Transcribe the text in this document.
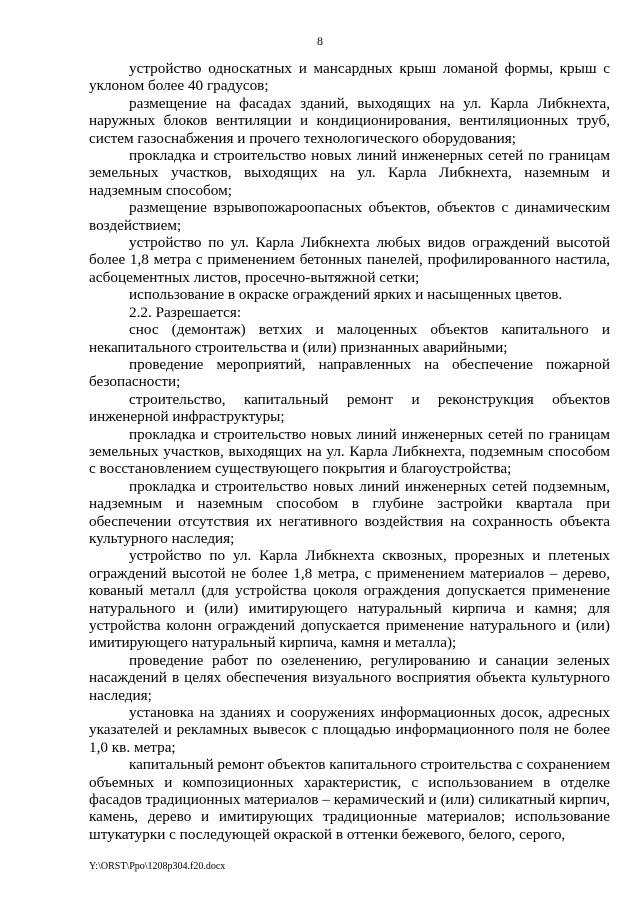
8

устройство односкатных и мансардных крыш ломаной формы, крыш с уклоном более 40 градусов;

размещение на фасадах зданий, выходящих на ул. Карла Либкнехта, наружных блоков вентиляции и кондиционирования, вентиляционных труб, систем газоснабжения и прочего технологического оборудования;

прокладка и строительство новых линий инженерных сетей по границам земельных участков, выходящих на ул. Карла Либкнехта, наземным и надземным способом;

размещение взрывопожароопасных объектов, объектов с динамическим воздействием;

устройство по ул. Карла Либкнехта любых видов ограждений высотой более 1,8 метра с применением бетонных панелей, профилированного настила, асбоцементных листов, просечно-вытяжной сетки;

использование в окраске ограждений ярких и насыщенных цветов.

2.2. Разрешается:

снос (демонтаж) ветхих и малоценных объектов капитального и некапитального строительства и (или) признанных аварийными;

проведение мероприятий, направленных на обеспечение пожарной безопасности;

строительство, капитальный ремонт и реконструкция объектов инженерной инфраструктуры;

прокладка и строительство новых линий инженерных сетей по границам земельных участков, выходящих на ул. Карла Либкнехта, подземным способом с восстановлением существующего покрытия и благоустройства;

прокладка и строительство новых линий инженерных сетей подземным, надземным и наземным способом в глубине застройки квартала при обеспечении отсутствия их негативного воздействия на сохранность объекта культурного наследия;

устройство по ул. Карла Либкнехта сквозных, прорезных и плетеных ограждений высотой не более 1,8 метра, с применением материалов – дерево, кованый металл (для устройства цоколя ограждения допускается применение натурального и (или) имитирующего натуральный кирпича и камня; для устройства колонн ограждений допускается применение натурального и (или) имитирующего натуральный кирпича, камня и металла);

проведение работ по озеленению, регулированию и санации зеленых насаждений в целях обеспечения визуального восприятия объекта культурного наследия;

установка на зданиях и сооружениях информационных досок, адресных указателей и рекламных вывесок с площадью информационного поля не более 1,0 кв. метра;

капитальный ремонт объектов капитального строительства с сохранением объемных и композиционных характеристик, с использованием в отделке фасадов традиционных материалов – керамический и (или) силикатный кирпич, камень, дерево и имитирующих традиционные материалов; использование штукатурки с последующей окраской в оттенки бежевого, белого, серого,

Y:\ORST\Ppo\1208p304.f20.docx
